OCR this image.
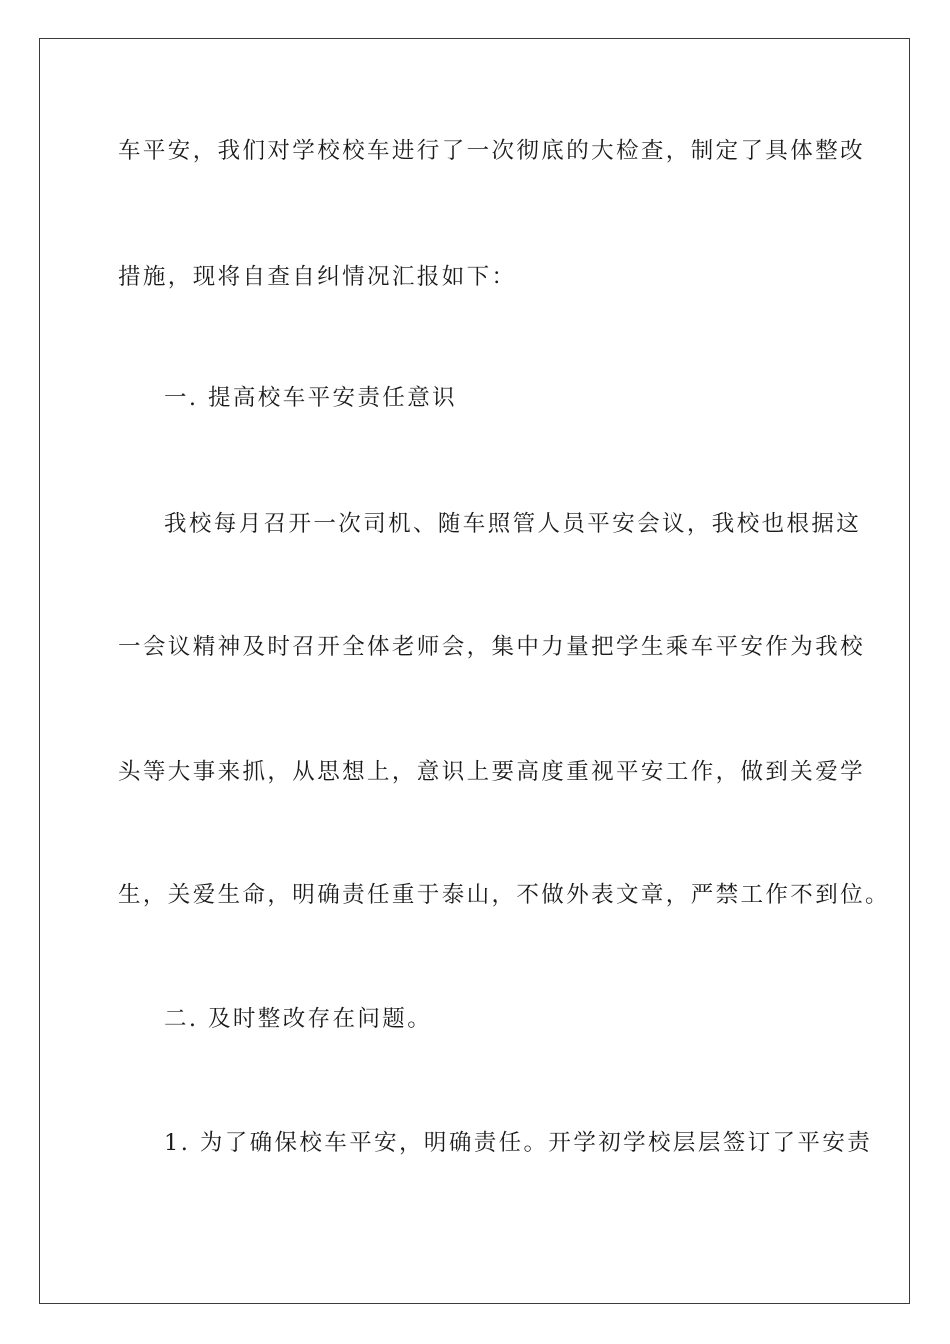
车平安，我们对学校校车进行了一次彻底的大检查，制定了具体整改

措施，现将自查自纠情况汇报如下：

一. 提高校车平安责任意识

我校每月召开一次司机、随车照管人员平安会议，我校也根据这

一会议精神及时召开全体老师会，集中力量把学生乘车平安作为我校

头等大事来抓，从思想上，意识上要高度重视平安工作，做到关爱学

生，关爱生命，明确责任重于泰山，不做外表文章，严禁工作不到位。

二. 及时整改存在问题。

1. 为了确保校车平安，明确责任。开学初学校层层签订了平安责
